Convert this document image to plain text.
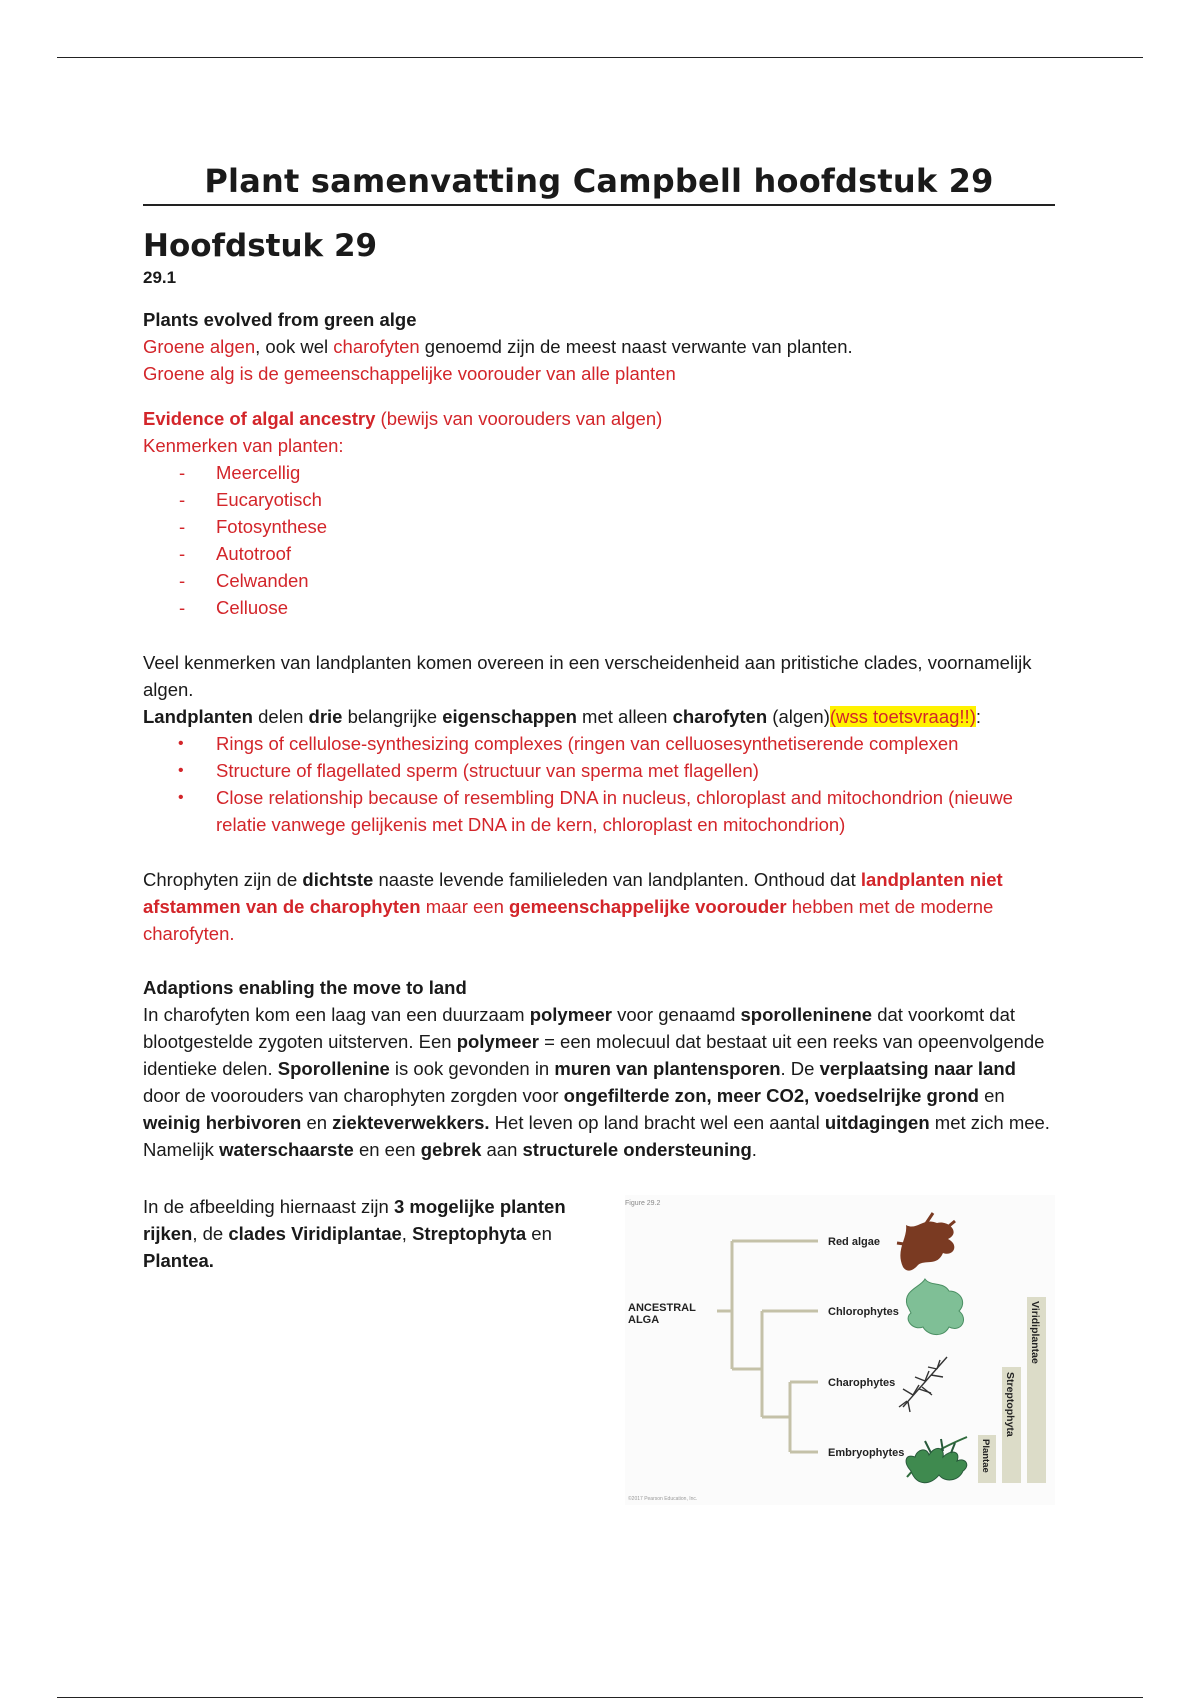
Plant samenvatting Campbell hoofdstuk 29
Hoofdstuk 29
29.1

Plants evolved from green alge

Groene algen, ook wel charofyten genoemd zijn de meest naast verwante van planten.

Groene alg is de gemeenschappelijke voorouder van alle planten

Evidence of algal ancestry (bewijs van voorouders van algen)

Kenmerken van planten:

- Meercellig
- Eucaryotisch
- Fotosynthese
- Autotroof
- Celwanden
- Celluose

Veel kenmerken van landplanten komen overeen in een verscheidenheid aan pritistiche clades, voornamelijk algen.

Landplanten delen drie belangrijke eigenschappen met alleen charofyten (algen)(wss toetsvraag!!):

• Rings of cellulose-synthesizing complexes (ringen van celluosesynthetiserende complexen
• Structure of flagellated sperm (structuur van sperma met flagellen)
• Close relationship because of resembling DNA in nucleus, chloroplast and mitochondrion (nieuwe relatie vanwege gelijkenis met DNA in de kern, chloroplast en mitochondrion)

Chrophyten zijn de dichtste naaste levende familieleden van landplanten. Onthoud dat landplanten niet afstammen van de charophyten maar een gemeenschappelijke voorouder hebben met de moderne charofyten.

Adaptions enabling the move to land

In charofyten kom een laag van een duurzaam polymeer voor genaamd sporolleninene dat voorkomt dat blootgestelde zygoten uitsterven. Een polymeer = een molecuul dat bestaat uit een reeks van opeenvolgende identieke delen. Sporollenine is ook gevonden in muren van plantensporen. De verplaatsing naar land door de voorouders van charophyten zorgden voor ongefilterde zon, meer CO2, voedselrijke grond en weinig herbivoren en ziekteverwekkers. Het leven op land bracht wel een aantal uitdagingen met zich mee. Namelijk waterschaarste en een gebrek aan structurele ondersteuning.

In de afbeelding hiernaast zijn 3 mogelijke planten rijken, de clades Viridiplantae, Streptophyta en Plantea.

Figure 29.2
ANCESTRAL
ALGA
Red algae
Chlorophytes
Charophytes
Embryophytes
Viridiplantae
Streptophyta
Plantae
©2017 Pearson Education, Inc.
